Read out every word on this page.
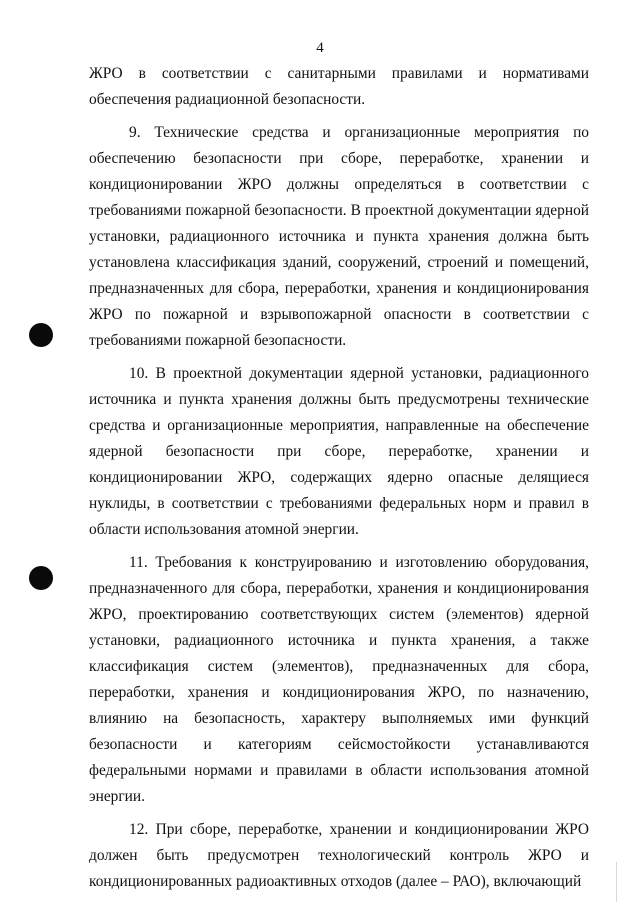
4

ЖРО в соответствии с санитарными правилами и нормативами обеспечения радиационной безопасности.

9. Технические средства и организационные мероприятия по обеспечению безопасности при сборе, переработке, хранении и кондиционировании ЖРО должны определяться в соответствии с требованиями пожарной безопасности. В проектной документации ядерной установки, радиационного источника и пункта хранения должна быть установлена классификация зданий, сооружений, строений и помещений, предназначенных для сбора, переработки, хранения и кондиционирования ЖРО по пожарной и взрывопожарной опасности в соответствии с требованиями пожарной безопасности.

10. В проектной документации ядерной установки, радиационного источника и пункта хранения должны быть предусмотрены технические средства и организационные мероприятия, направленные на обеспечение ядерной безопасности при сборе, переработке, хранении и кондиционировании ЖРО, содержащих ядерно опасные делящиеся нуклиды, в соответствии с требованиями федеральных норм и правил в области использования атомной энергии.

11. Требования к конструированию и изготовлению оборудования, предназначенного для сбора, переработки, хранения и кондиционирования ЖРО, проектированию соответствующих систем (элементов) ядерной установки, радиационного источника и пункта хранения, а также классификация систем (элементов), предназначенных для сбора, переработки, хранения и кондиционирования ЖРО, по назначению, влиянию на безопасность, характеру выполняемых ими функций безопасности и категориям сейсмостойкости устанавливаются федеральными нормами и правилами в области использования атомной энергии.

12. При сборе, переработке, хранении и кондиционировании ЖРО должен быть предусмотрен технологический контроль ЖРО и кондиционированных радиоактивных отходов (далее – РАО), включающий
